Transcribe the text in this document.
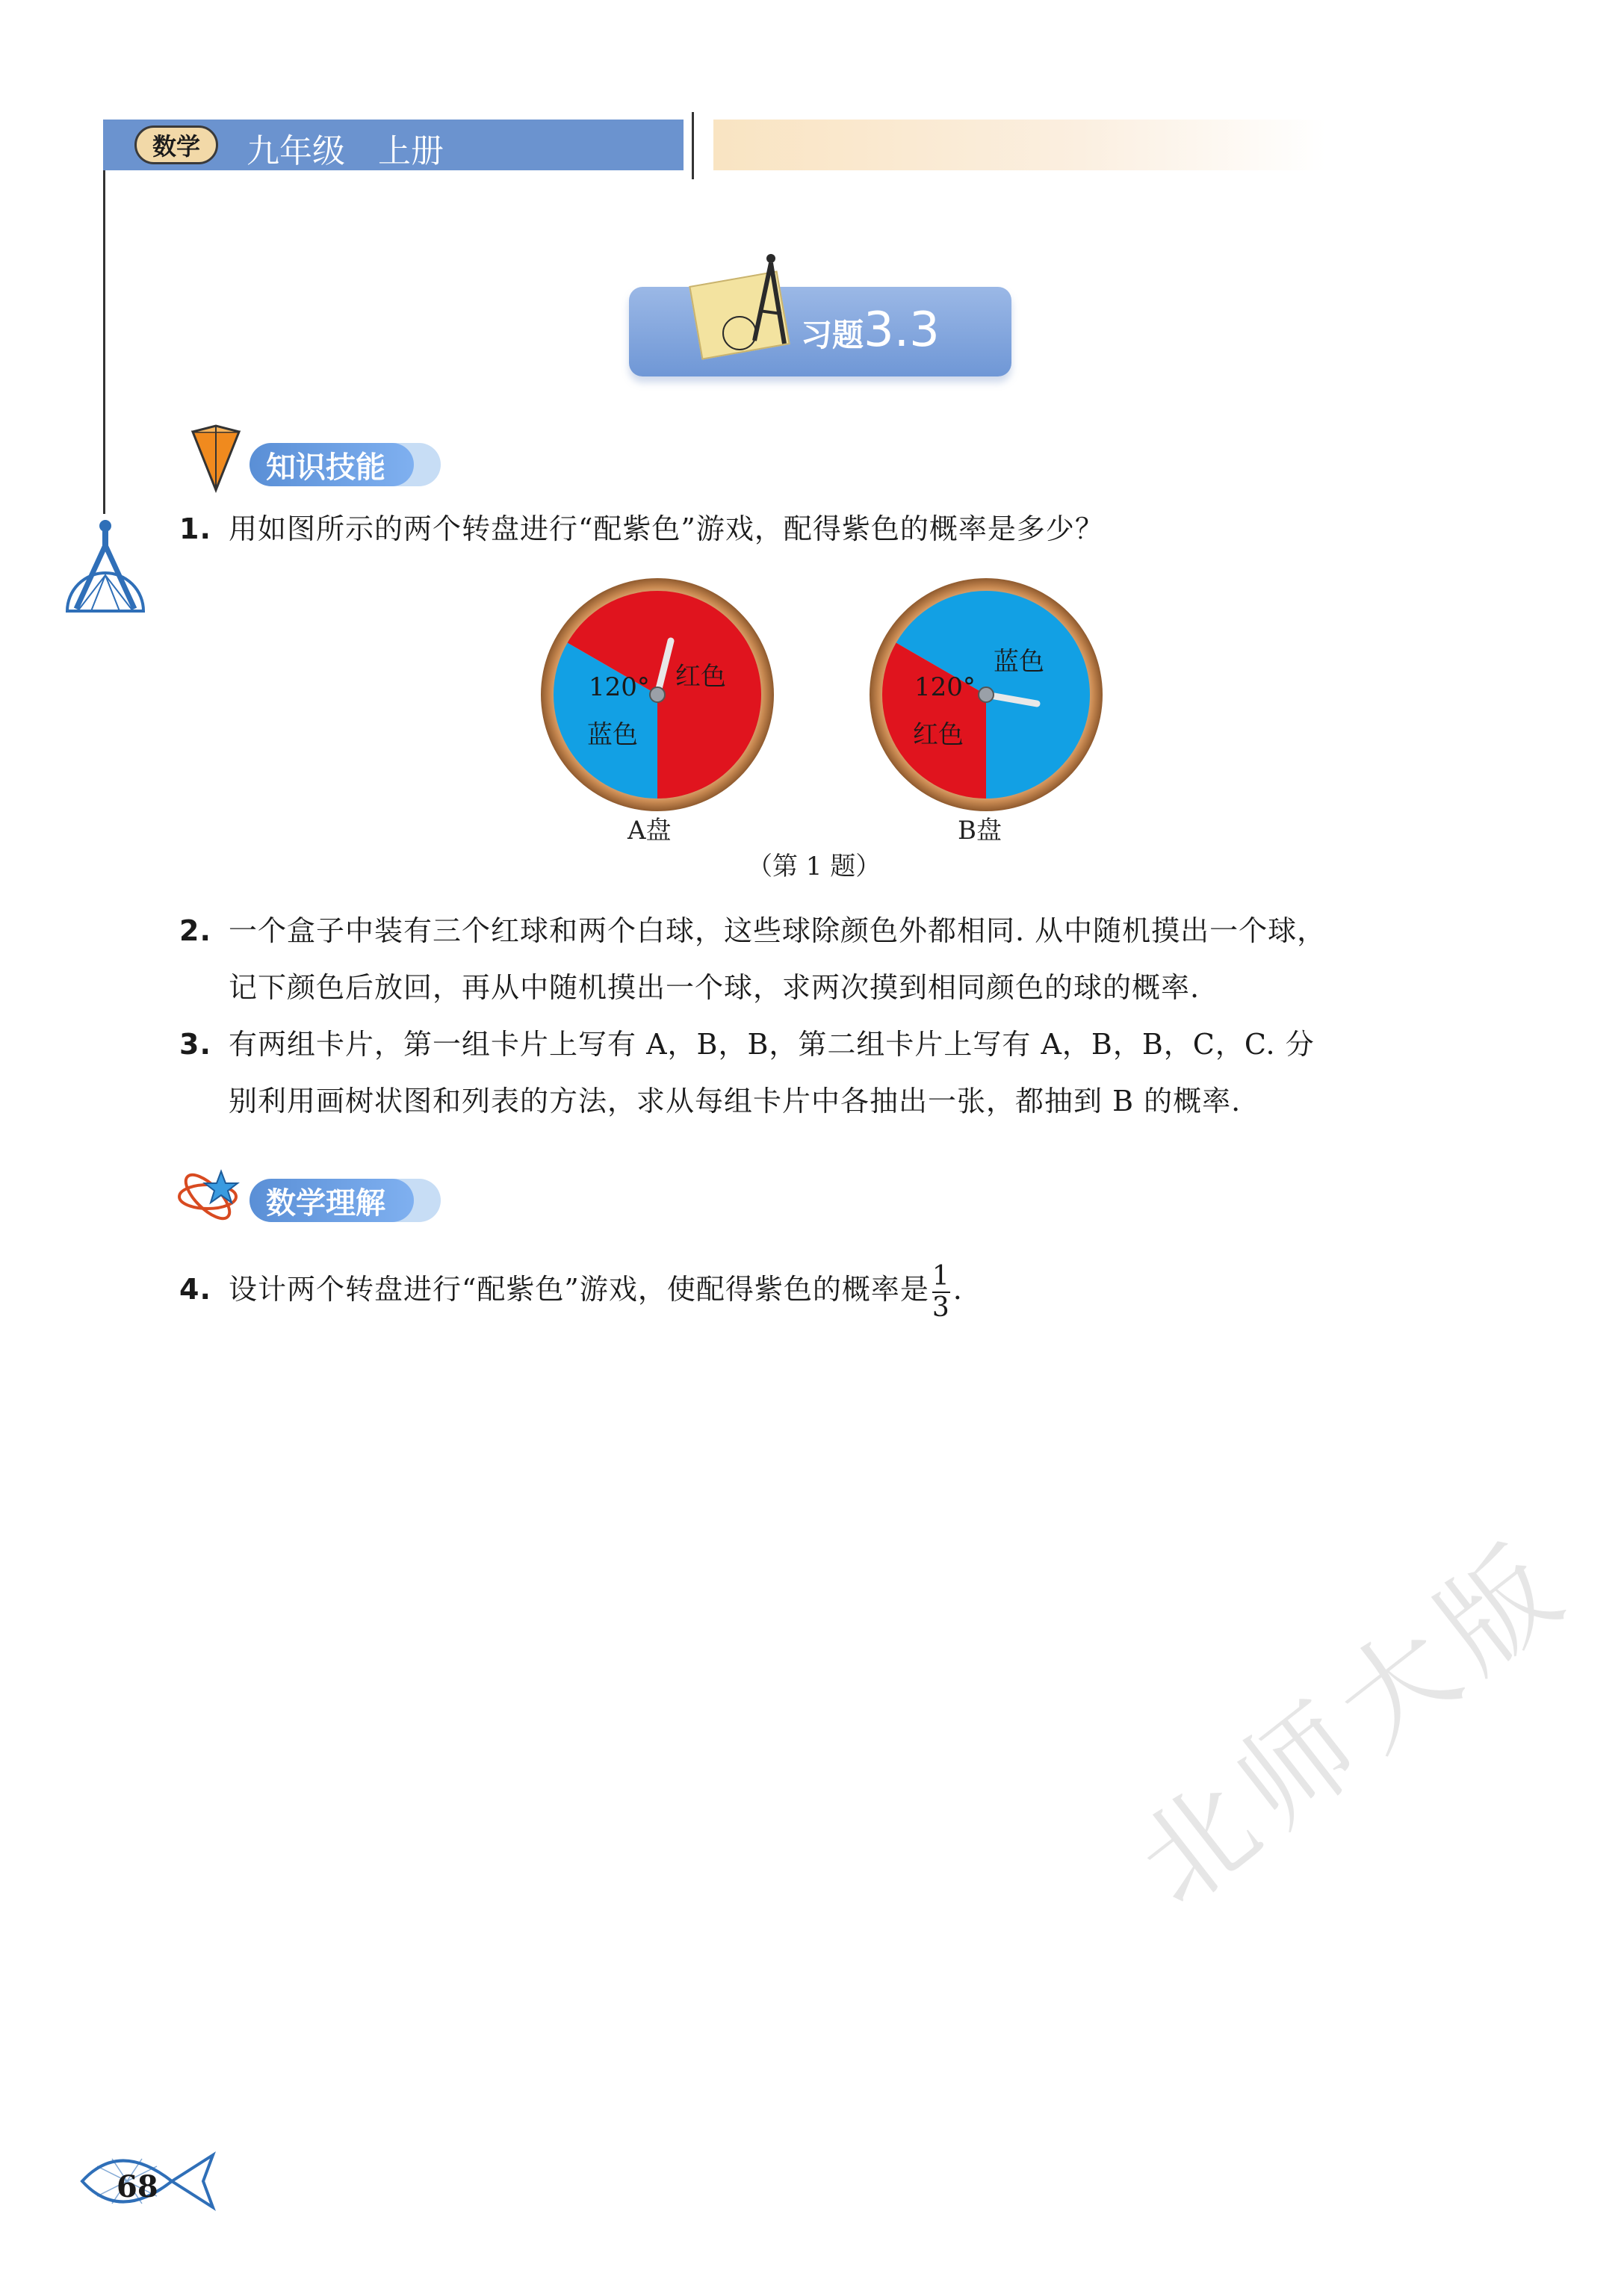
数学	九年级　上册
习题3.3
知识技能
1. 用如图所示的两个转盘进行“配紫色”游戏，配得紫色的概率是多少？
120° 红色
蓝色
A盘
120°
蓝色
红色
B盘
（第 1 题）
2. 一个盒子中装有三个红球和两个白球，这些球除颜色外都相同. 从中随机摸出一个球，
记下颜色后放回，再从中随机摸出一个球，求两次摸到相同颜色的球的概率.
3. 有两组卡片，第一组卡片上写有 A，B，B，第二组卡片上写有 A，B，B，C，C. 分
别利用画树状图和列表的方法，求从每组卡片中各抽出一张，都抽到 B 的概率.
数学理解
4. 设计两个转盘进行“配紫色”游戏，使配得紫色的概率是 $\frac{1}{3}$ .
68
北师大版
